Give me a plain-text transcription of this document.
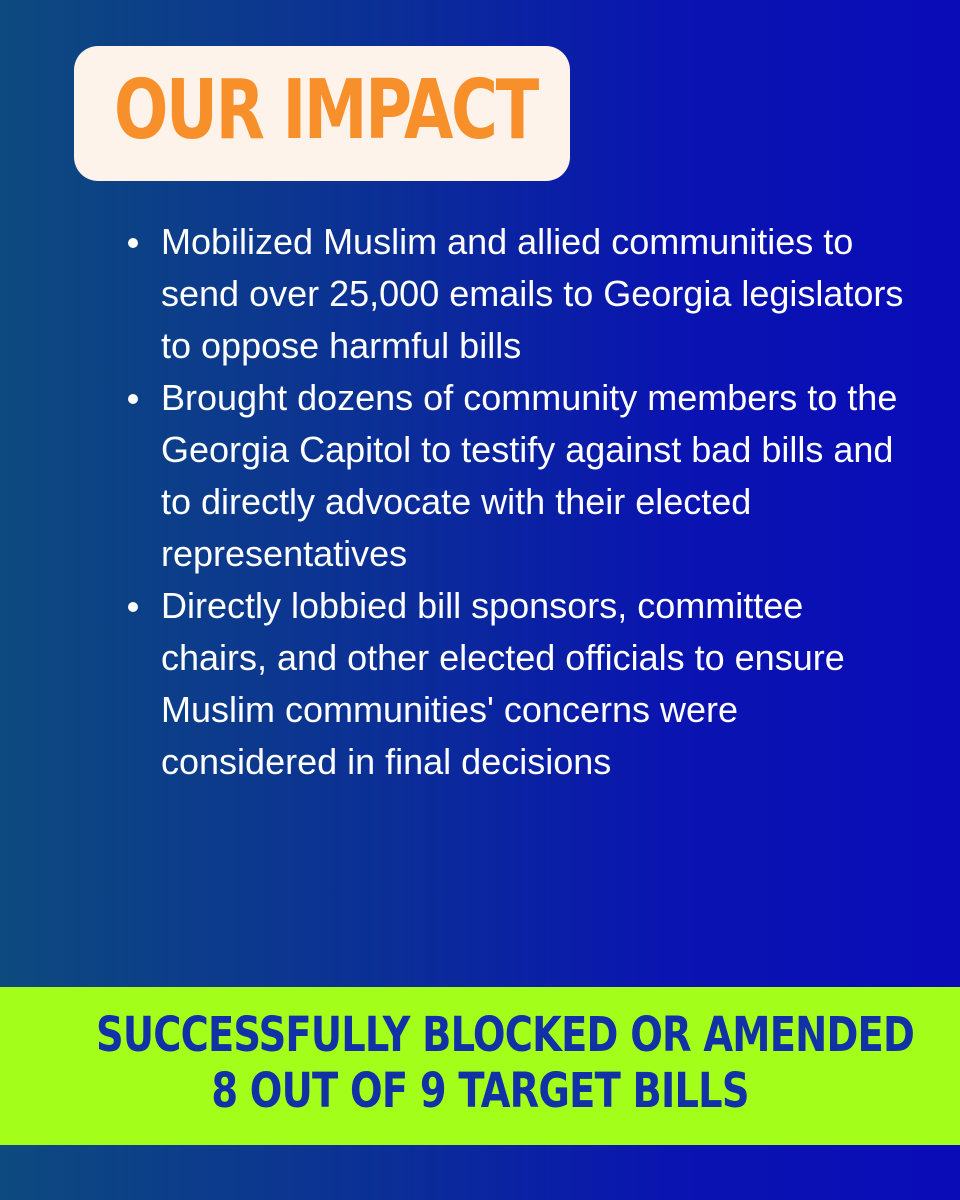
OUR IMPACT
Mobilized Muslim and allied communities to send over 25,000 emails to Georgia legislators to oppose harmful bills
Brought dozens of community members to the Georgia Capitol to testify against bad bills and to directly advocate with their elected representatives
Directly lobbied bill sponsors, committee chairs, and other elected officials to ensure Muslim communities' concerns were considered in final decisions
SUCCESSFULLY BLOCKED OR AMENDED
8 OUT OF 9 TARGET BILLS
